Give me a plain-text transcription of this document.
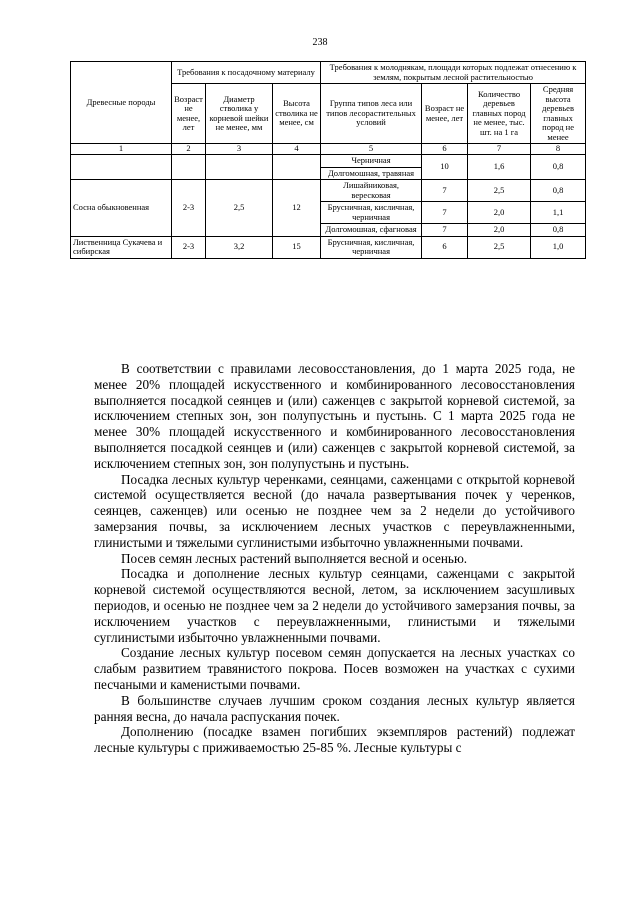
238
Древесные породы	Требования к посадочному материалу			Требования к молоднякам, площади которых подлежат отнесению к землям, покрытым лесной растительностью			
	Возраст не менее, лет	Диаметр стволика у корневой шейки не менее, мм	Высота стволика не менее, см	Группа типов леса или типов лесорастительных условий	Возраст не менее, лет	Количество деревьев главных пород не менее, тыс. шт. на 1 га	Средняя высота деревьев главных пород не менее
1	2	3	4	5	6	7	8
				Черничная	10	1,6	0,8
				Долгомошная, травяная			
Сосна обыкновенная	2-3	2,5	12	Лишайниковая, вересковая	7	2,5	0,8
				Брусничная, кисличная, черничная	7	2,0	1,1
				Долгомошная, сфагновая	7	2,0	0,8
Лиственница Сукачева и сибирская	2-3	3,2	15	Брусничная, кисличная, черничная	6	2,5	1,0

В соответствии с правилами лесовосстановления, до 1 марта 2025 года, не менее 20% площадей искусственного и комбинированного лесовосстановления выполняется посадкой сеянцев и (или) саженцев с закрытой корневой системой, за исключением степных зон, зон полупустынь и пустынь. С 1 марта 2025 года не менее 30% площадей искусственного и комбинированного лесовосстановления выполняется посадкой сеянцев и (или) саженцев с закрытой корневой системой, за исключением степных зон, зон полупустынь и пустынь.

Посадка лесных культур черенками, сеянцами, саженцами с открытой корневой системой осуществляется весной (до начала развертывания почек у черенков, сеянцев, саженцев) или осенью не позднее чем за 2 недели до устойчивого замерзания почвы, за исключением лесных участков с переувлажненными, глинистыми и тяжелыми суглинистыми избыточно увлажненными почвами.

Посев семян лесных растений выполняется весной и осенью.

Посадка и дополнение лесных культур сеянцами, саженцами с закрытой корневой системой осуществляются весной, летом, за исключением засушливых периодов, и осенью не позднее чем за 2 недели до устойчивого замерзания почвы, за исключением участков с переувлажненными, глинистыми и тяжелыми суглинистыми избыточно увлажненными почвами.

Создание лесных культур посевом семян допускается на лесных участках со слабым развитием травянистого покрова. Посев возможен на участках с сухими песчаными и каменистыми почвами.

В большинстве случаев лучшим сроком создания лесных культур является ранняя весна, до начала распускания почек.

Дополнению (посадке взамен погибших экземпляров растений) подлежат лесные культуры с приживаемостью 25-85 %. Лесные культуры с
